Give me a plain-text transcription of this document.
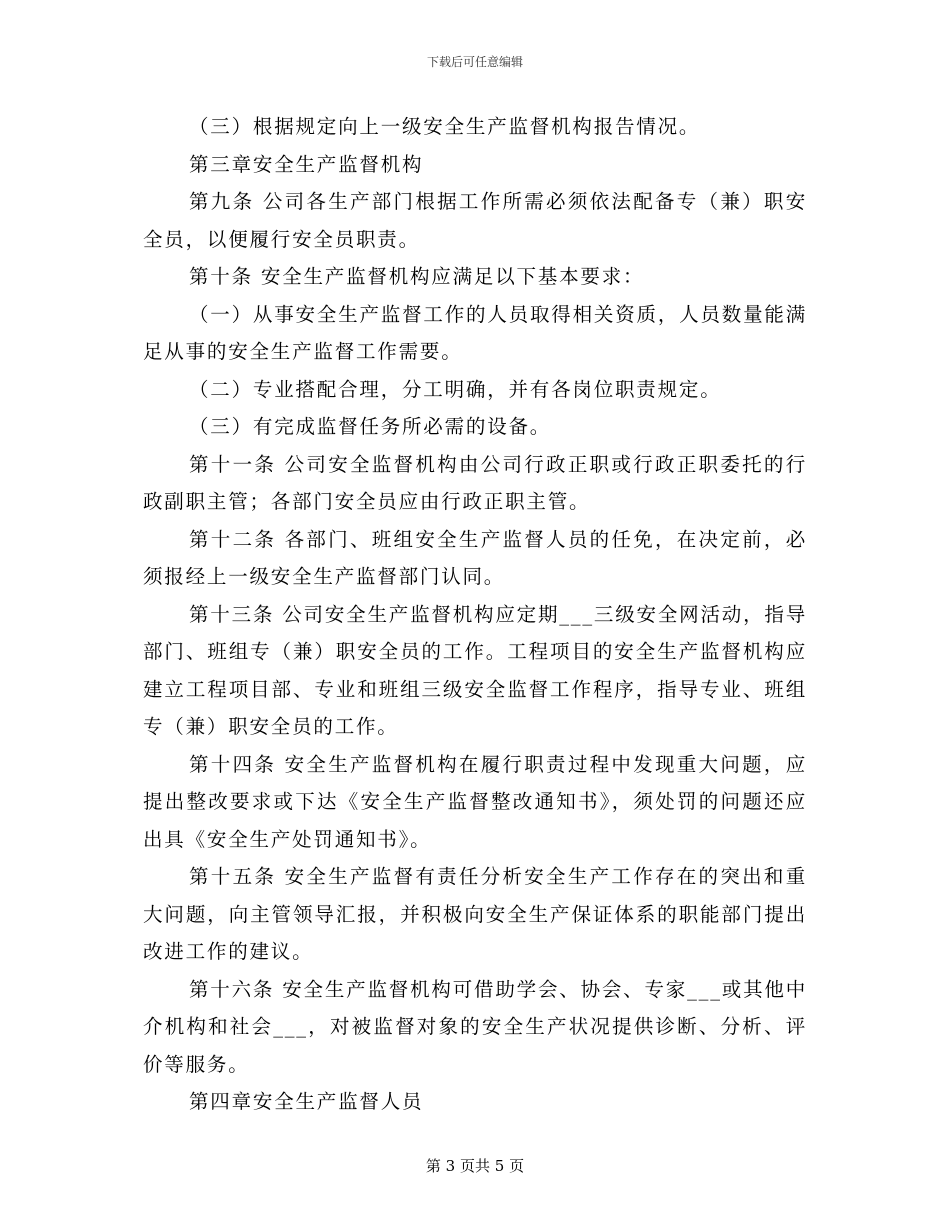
下载后可任意编辑

（三）根据规定向上一级安全生产监督机构报告情况。

第三章安全生产监督机构

第九条 公司各生产部门根据工作所需必须依法配备专（兼）职安全员，以便履行安全员职责。

第十条 安全生产监督机构应满足以下基本要求：

（一）从事安全生产监督工作的人员取得相关资质，人员数量能满足从事的安全生产监督工作需要。

（二）专业搭配合理，分工明确，并有各岗位职责规定。

（三）有完成监督任务所必需的设备。

第十一条 公司安全监督机构由公司行政正职或行政正职委托的行政副职主管；各部门安全员应由行政正职主管。

第十二条 各部门、班组安全生产监督人员的任免，在决定前，必须报经上一级安全生产监督部门认同。

第十三条 公司安全生产监督机构应定期___三级安全网活动，指导部门、班组专（兼）职安全员的工作。工程项目的安全生产监督机构应建立工程项目部、专业和班组三级安全监督工作程序，指导专业、班组专（兼）职安全员的工作。

第十四条 安全生产监督机构在履行职责过程中发现重大问题，应提出整改要求或下达《安全生产监督整改通知书》，须处罚的问题还应出具《安全生产处罚通知书》。

第十五条 安全生产监督有责任分析安全生产工作存在的突出和重大问题，向主管领导汇报，并积极向安全生产保证体系的职能部门提出改进工作的建议。

第十六条 安全生产监督机构可借助学会、协会、专家___或其他中介机构和社会___，对被监督对象的安全生产状况提供诊断、分析、评价等服务。

第四章安全生产监督人员

第 3 页共 5 页
